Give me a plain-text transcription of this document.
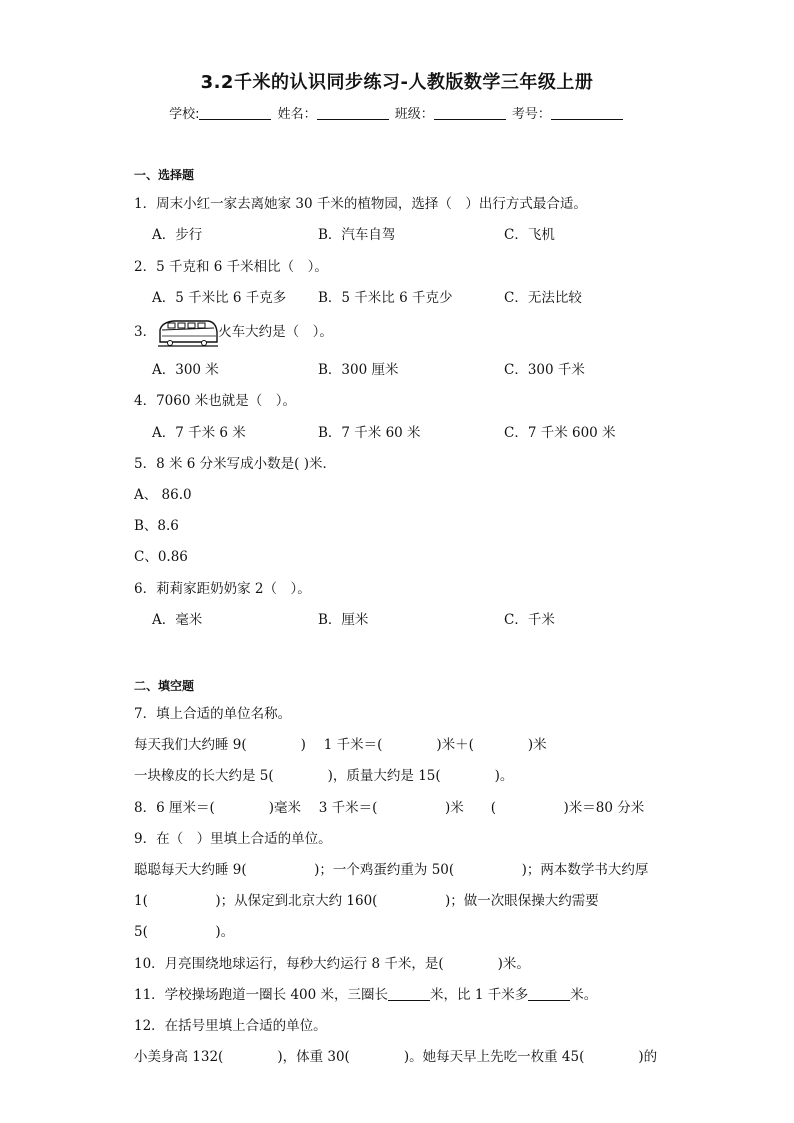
3.2千米的认识同步练习-人教版数学三年级上册
学校:	姓名：	班级：	考号：
一、选择题
1．周末小红一家去离她家 30 千米的植物园，选择（　）出行方式最合适。
A．步行	B．汽车自驾	C．飞机
2．5 千克和 6 千米相比（　）。
A．5 千米比 6 千克多 B．5 千米比 6 千克少	C．无法比较
3．	火车大约是（　）。
A．300 米	B．300 厘米	C．300 千米
4．7060 米也就是（　）。
A．7 千米 6 米	B．7 千米 60 米	C．7 千米 600 米
5．8 米 6 分米写成小数是( )米．
A、 86.0
B、8.6
C、0.86
6．莉莉家距奶奶家 2（　）。
A．毫米	B．厘米	C．千米
二、填空题
7．填上合适的单位名称。
每天我们大约睡 9(　　　　)　 1 千米＝(　　　　)米＋(　　　　)米
一块橡皮的长大约是 5(　　　　)，质量大约是 15(　　　　)。
8．6 厘米＝(　　　　)毫米　 3 千米＝(　　　　　)米　　(　　　　　)米＝80 分米
9．在（　）里填上合适的单位。
聪聪每天大约睡 9(　　　　　)；一个鸡蛋约重为 50(　　　　　)；两本数学书大约厚
1(　　　　　)；从保定到北京大约 160(　　　　　)；做一次眼保操大约需要
5(　　　　　)。
10．月亮围绕地球运行，每秒大约运行 8 千米，是(　　　　)米。
11．学校操场跑道一圈长 400 米，三圈长	米，比 1 千米多	米。
12．在括号里填上合适的单位。
小美身高 132(　　　　)，体重 30(　　　　)。她每天早上先吃一枚重 45(　　　　)的
